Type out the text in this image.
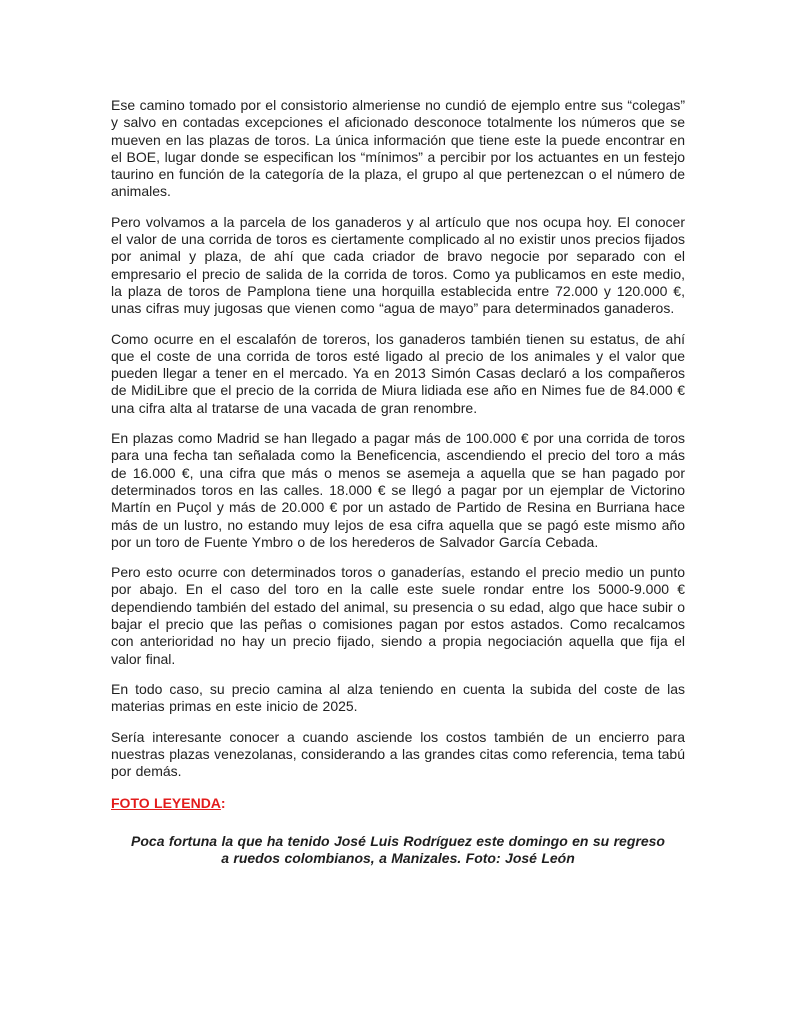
Ese camino tomado por el consistorio almeriense no cundió de ejemplo entre sus “colegas” y salvo en contadas excepciones el aficionado desconoce totalmente los números que se mueven en las plazas de toros. La única información que tiene este la puede encontrar en el BOE, lugar donde se especifican los “mínimos” a percibir por los actuantes en un festejo taurino en función de la categoría de la plaza, el grupo al que pertenezcan o el número de animales.

Pero volvamos a la parcela de los ganaderos y al artículo que nos ocupa hoy. El conocer el valor de una corrida de toros es ciertamente complicado al no existir unos precios fijados por animal y plaza, de ahí que cada criador de bravo negocie por separado con el empresario el precio de salida de la corrida de toros. Como ya publicamos en este medio, la plaza de toros de Pamplona tiene una horquilla establecida entre 72.000 y 120.000 €, unas cifras muy jugosas que vienen como “agua de mayo” para determinados ganaderos.

Como ocurre en el escalafón de toreros, los ganaderos también tienen su estatus, de ahí que el coste de una corrida de toros esté ligado al precio de los animales y el valor que pueden llegar a tener en el mercado. Ya en 2013 Simón Casas declaró a los compañeros de MidiLibre que el precio de la corrida de Miura lidiada ese año en Nimes fue de 84.000 € una cifra alta al tratarse de una vacada de gran renombre.

En plazas como Madrid se han llegado a pagar más de 100.000 € por una corrida de toros para una fecha tan señalada como la Beneficencia, ascendiendo el precio del toro a más de 16.000 €, una cifra que más o menos se asemeja a aquella que se han pagado por determinados toros en las calles. 18.000 € se llegó a pagar por un ejemplar de Victorino Martín en Puçol y más de 20.000 € por un astado de Partido de Resina en Burriana hace más de un lustro, no estando muy lejos de esa cifra aquella que se pagó este mismo año por un toro de Fuente Ymbro o de los herederos de Salvador García Cebada.

Pero esto ocurre con determinados toros o ganaderías, estando el precio medio un punto por abajo. En el caso del toro en la calle este suele rondar entre los 5000-9.000 € dependiendo también del estado del animal, su presencia o su edad, algo que hace subir o bajar el precio que las peñas o comisiones pagan por estos astados. Como recalcamos con anterioridad no hay un precio fijado, siendo a propia negociación aquella que fija el valor final.

En todo caso, su precio camina al alza teniendo en cuenta la subida del coste de las materias primas en este inicio de 2025.

Sería interesante conocer a cuando asciende los costos también de un encierro para nuestras plazas venezolanas, considerando a las grandes citas como referencia, tema tabú por demás.

FOTO LEYENDA:

Poca fortuna la que ha tenido José Luis Rodríguez este domingo en su regreso a ruedos colombianos, a Manizales. Foto: José León
